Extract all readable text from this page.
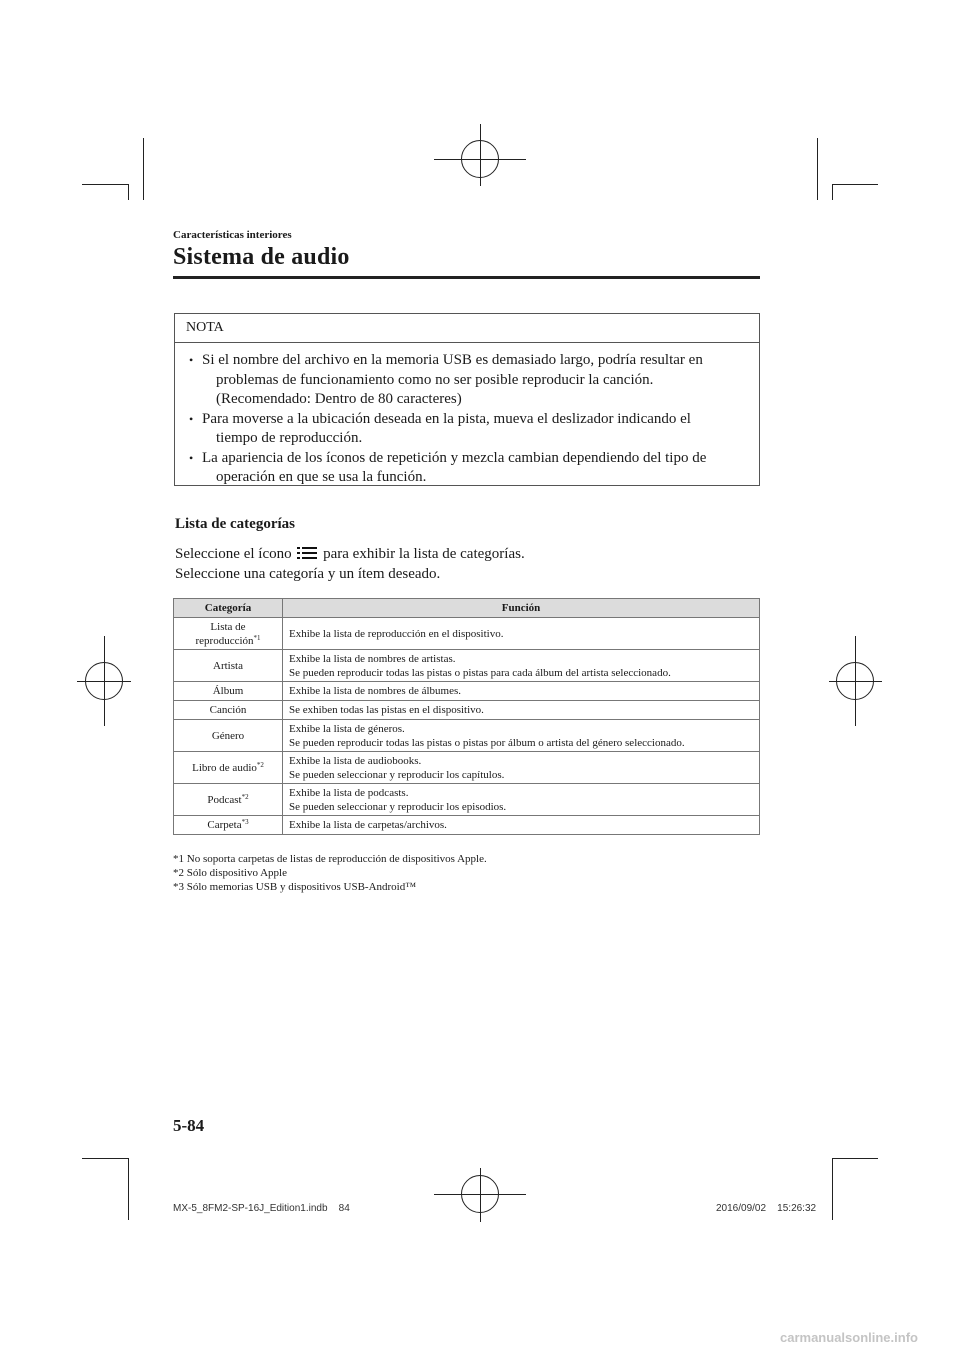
Características interiores
Sistema de audio
NOTA
• Si el nombre del archivo en la memoria USB es demasiado largo, podría resultar en
problemas de funcionamiento como no ser posible reproducir la canción.
(Recomendado: Dentro de 80 caracteres)
• Para moverse a la ubicación deseada en la pista, mueva el deslizador indicando el
tiempo de reproducción.
• La apariencia de los íconos de repetición y mezcla cambian dependiendo del tipo de
operación en que se usa la función.
Lista de categorías
Seleccione el ícono para exhibir la lista de categorías.
Seleccione una categoría y un ítem deseado.
Categoría	Función
Lista de
reproducción$^{*1}$	Exhibe la lista de reproducción en el dispositivo.
Artista	Exhibe la lista de nombres de artistas.
Se pueden reproducir todas las pistas o pistas para cada álbum del artista seleccionado.
Álbum	Exhibe la lista de nombres de álbumes.
Canción	Se exhiben todas las pistas en el dispositivo.
Género	Exhibe la lista de géneros.
Se pueden reproducir todas las pistas o pistas por álbum o artista del género seleccionado.
Libro de audio$^{*2}$	Exhibe la lista de audiobooks.
Se pueden seleccionar y reproducir los capítulos.
Podcast$^{*2}$	Exhibe la lista de podcasts.
Se pueden seleccionar y reproducir los episodios.
Carpeta$^{*3}$	Exhibe la lista de carpetas/archivos.
*1 No soporta carpetas de listas de reproducción de dispositivos Apple.
*2 Sólo dispositivo Apple
*3 Sólo memorias USB y dispositivos USB-Android™
5-84
MX-5_8FM2-SP-16J_Edition1.indb    84	2016/09/02    15:26:32
carmanualsonline.info
